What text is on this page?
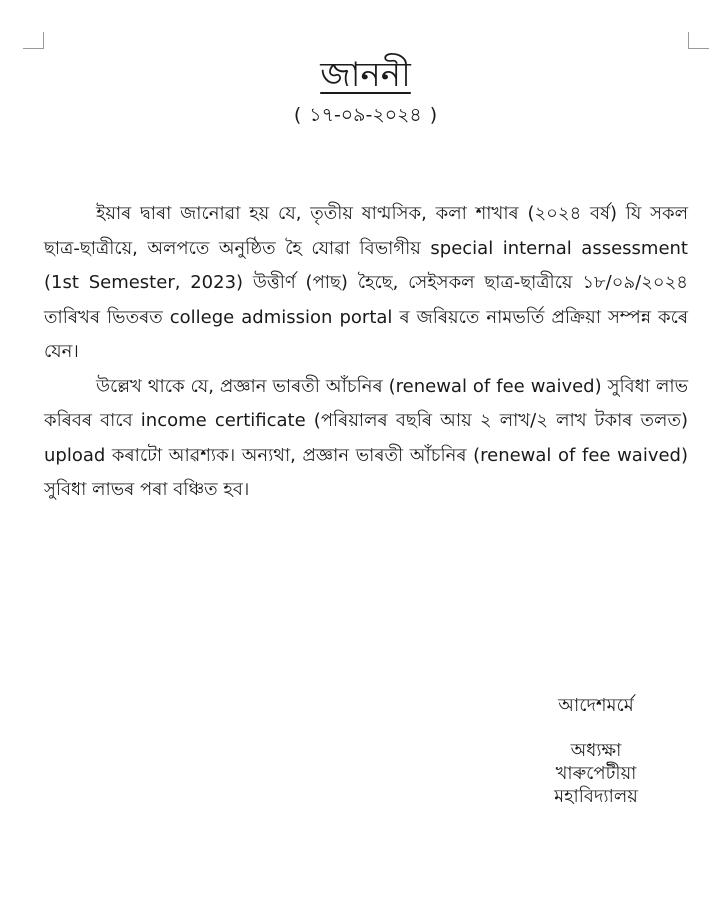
জাননী
( ১৭-০৯-২০২৪ )

ইয়াৰ দ্বাৰা জানোৱা হয় যে, তৃতীয় ষাণ্মসিক, কলা শাখাৰ (২০২৪ বৰ্ষ) যি সকল ছাত্ৰ-ছাত্ৰীয়ে, অলপতে অনুষ্ঠিত হৈ যোৱা বিভাগীয় special internal assessment (1st Semester, 2023) উত্তীৰ্ণ (পাছ) হৈছে, সেইসকল ছাত্ৰ-ছাত্ৰীয়ে ১৮/০৯/২০২৪ তাৰিখৰ ভিতৰত college admission portal ৰ জৰিয়তে নামভৰ্তি প্ৰক্ৰিয়া সম্পন্ন কৰে যেন।

উল্লেখ থাকে যে, প্ৰজ্ঞান ভাৰতী আঁচনিৰ (renewal of fee waived) সুবিধা লাভ কৰিবৰ বাবে income certificate (পৰিয়ালৰ বছৰি আয় ২ লাখ/২ লাখ টকাৰ তলত) upload কৰাটো আৱশ্যক। অন্যথা, প্ৰজ্ঞান ভাৰতী আঁচনিৰ (renewal of fee waived) সুবিধা লাভৰ পৰা বঞ্চিত হব।

আদেশমৰ্মে

অধ্যক্ষা

খাৰুপেটীয়া

মহাবিদ্যালয়
